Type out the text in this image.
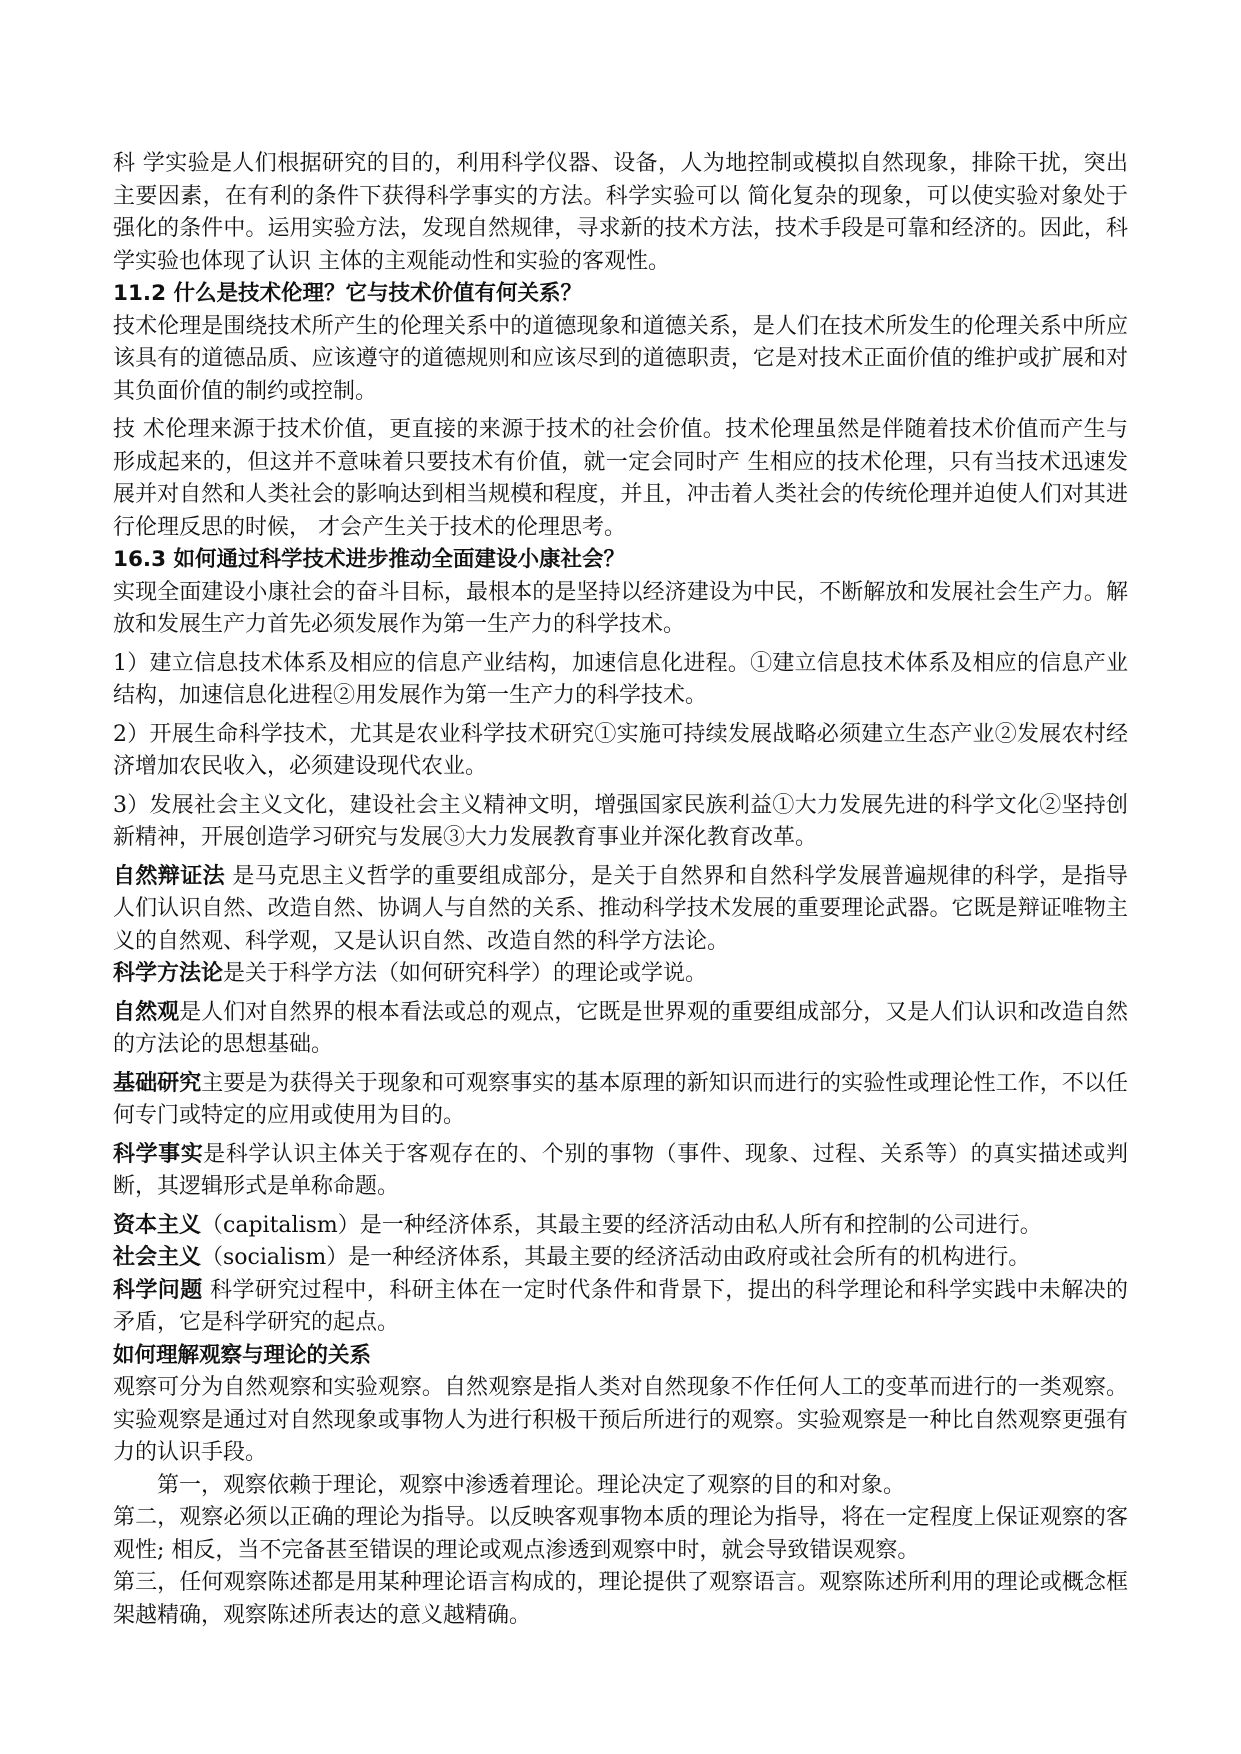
科 学实验是人们根据研究的目的，利用科学仪器、设备，人为地控制或模拟自然现象，排除干扰，突出主要因素，在有利的条件下获得科学事实的方法。科学实验可以 简化复杂的现象，可以使实验对象处于强化的条件中。运用实验方法，发现自然规律，寻求新的技术方法，技术手段是可靠和经济的。因此，科学实验也体现了认识 主体的主观能动性和实验的客观性。

11.2 什么是技术伦理？它与技术价值有何关系？

技术伦理是围绕技术所产生的伦理关系中的道德现象和道德关系，是人们在技术所发生的伦理关系中所应该具有的道德品质、应该遵守的道德规则和应该尽到的道德职责，它是对技术正面价值的维护或扩展和对其负面价值的制约或控制。

技 术伦理来源于技术价值，更直接的来源于技术的社会价值。技术伦理虽然是伴随着技术价值而产生与形成起来的，但这并不意味着只要技术有价值，就一定会同时产 生相应的技术伦理，只有当技术迅速发展并对自然和人类社会的影响达到相当规模和程度，并且，冲击着人类社会的传统伦理并迫使人们对其进行伦理反思的时候， 才会产生关于技术的伦理思考。

16.3 如何通过科学技术进步推动全面建设小康社会？

实现全面建设小康社会的奋斗目标，最根本的是坚持以经济建设为中民，不断解放和发展社会生产力。解放和发展生产力首先必须发展作为第一生产力的科学技术。

1）建立信息技术体系及相应的信息产业结构，加速信息化进程。①建立信息技术体系及相应的信息产业结构，加速信息化进程②用发展作为第一生产力的科学技术。

2）开展生命科学技术，尤其是农业科学技术研究①实施可持续发展战略必须建立生态产业②发展农村经济增加农民收入，必须建设现代农业。

3）发展社会主义文化，建设社会主义精神文明，增强国家民族利益①大力发展先进的科学文化②坚持创新精神，开展创造学习研究与发展③大力发展教育事业并深化教育改革。

自然辩证法 是马克思主义哲学的重要组成部分，是关于自然界和自然科学发展普遍规律的科学，是指导人们认识自然、改造自然、协调人与自然的关系、推动科学技术发展的重要理论武器。它既是辩证唯物主义的自然观、科学观，又是认识自然、改造自然的科学方法论。

科学方法论是关于科学方法（如何研究科学）的理论或学说。

自然观是人们对自然界的根本看法或总的观点，它既是世界观的重要组成部分，又是人们认识和改造自然的方法论的思想基础。

基础研究主要是为获得关于现象和可观察事实的基本原理的新知识而进行的实验性或理论性工作，不以任何专门或特定的应用或使用为目的。

科学事实是科学认识主体关于客观存在的、个别的事物（事件、现象、过程、关系等）的真实描述或判断，其逻辑形式是单称命题。

资本主义（capitalism）是一种经济体系，其最主要的经济活动由私人所有和控制的公司进行。

社会主义（socialism）是一种经济体系，其最主要的经济活动由政府或社会所有的机构进行。

科学问题 科学研究过程中，科研主体在一定时代条件和背景下，提出的科学理论和科学实践中未解决的矛盾，它是科学研究的起点。

如何理解观察与理论的关系

观察可分为自然观察和实验观察。自然观察是指人类对自然现象不作任何人工的变革而进行的一类观察。实验观察是通过对自然现象或事物人为进行积极干预后所进行的观察。实验观察是一种比自然观察更强有力的认识手段。

第一，观察依赖于理论，观察中渗透着理论。理论决定了观察的目的和对象。

第二，观察必须以正确的理论为指导。以反映客观事物本质的理论为指导，将在一定程度上保证观察的客观性; 相反，当不完备甚至错误的理论或观点渗透到观察中时，就会导致错误观察。

第三，任何观察陈述都是用某种理论语言构成的，理论提供了观察语言。观察陈述所利用的理论或概念框架越精确，观察陈述所表达的意义越精确。
